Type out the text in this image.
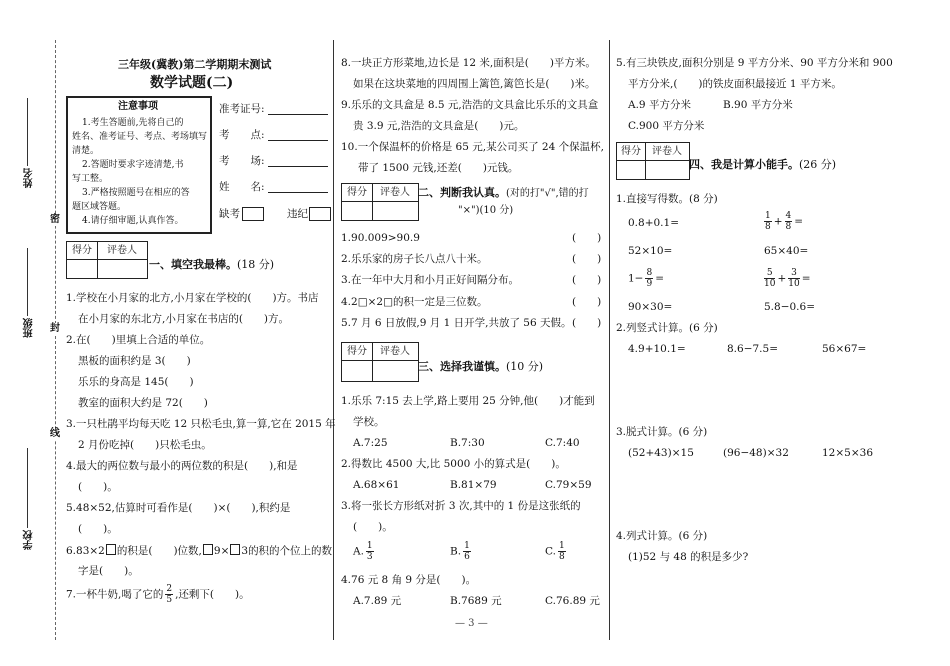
姓名
班级
学校
密
封
线
三年级(冀教)第二学期期末测试
数学试题(二)
注意事项
1.考生答题前,先将自己的
姓名、准考证号、考点、考场填写
清楚。
2.答题时要求字迹清楚,书
写工整。
3.严格按照题号在相应的答
题区域答题。
4.请仔细审题,认真作答。
准考证号:
考　　点:
考　　场:
姓　　名:
缺考	违纪
得分	评卷人
一、填空我最棒。(18 分)
1.学校在小月家的北方,小月家在学校的(　　)方。书店
在小月家的东北方,小月家在书店的(　　)方。
2.在(　　)里填上合适的单位。
黑板的面积约是 3(　　)
乐乐的身高是 145(　　)
教室的面积大约是 72(　　)
3.一只杜鹃平均每天吃 12 只松毛虫,算一算,它在 2015 年
2 月份吃掉(　　)只松毛虫。
4.最大的两位数与最小的两位数的积是(　　),和是
(　　)。
5.48×52,估算时可看作是(　　)×(　　),积约是
(　　)。
6.83×2 的积是(　　)位数, 9× 3的积的个位上的数
字是(　　)。
7.一杯牛奶,喝了它的 $\frac{2}{5}$ ,还剩下(　　)。
8.一块正方形菜地,边长是 12 米,面积是(　　)平方米。
如果在这块菜地的四周围上篱笆,篱笆长是(　　)米。
9.乐乐的文具盒是 8.5 元,浩浩的文具盒比乐乐的文具盒
贵 3.9 元,浩浩的文具盒是(　　)元。
10.一个保温杯的价格是 65 元,某公司买了 24 个保温杯,
带了 1500 元钱,还差(　　)元钱。
得分	评卷人 二、判断我认真。(对的打"√",错的打
"×")(10 分)
1.90.009>90.9	(　　)
2.乐乐家的房子长八点八十米。	(　　)
3.在一年中大月和小月正好间隔分布。	(　　)
4.2□×2□的积一定是三位数。	(　　)
5.7 月 6 日放假,9 月 1 日开学,共放了 56 天假。 (　　)
得分	评卷人
三、选择我谨慎。(10 分)
1.乐乐 7:15 去上学,路上要用 25 分钟,他(　　)才能到
学校。
A.7:25	B.7:30	C.7:40
2.得数比 4500 大,比 5000 小的算式是(　　)。
A.68×61	B.81×79	C.79×59
3.将一张长方形纸对折 3 次,其中的 1 份是这张纸的
(　　)。
A. $\frac{1}{3}$	B. $\frac{1}{6}$	C. $\frac{1}{8}$
4.76 元 8 角 9 分是(　　)。
A.7.89 元	B.7689 元	C.76.89 元
5.有三块铁皮,面积分别是 9 平方分米、90 平方分米和 900
平方分米,(　　)的铁皮面积最接近 1 平方米。
A.9 平方分米	B.90 平方分米
C.900 平方分米
得分	评卷人
四、我是计算小能手。(26 分)
1.直接写得数。(8 分)
0.8+0.1=	$\frac{1}{8} + \frac{4}{8}$ =
52×10=	65×40=
$1- \frac{8}{9}$ =	$\frac{5}{10} + \frac{3}{10}$ =
90×30=	5.8−0.6=
2.列竖式计算。(6 分)
4.9+10.1=	8.6−7.5=	56×67=
3.脱式计算。(6 分)
(52+43)×15	(96−48)×32	12×5×36
4.列式计算。(6 分)
(1)52 与 48 的积是多少?
— 3 —
